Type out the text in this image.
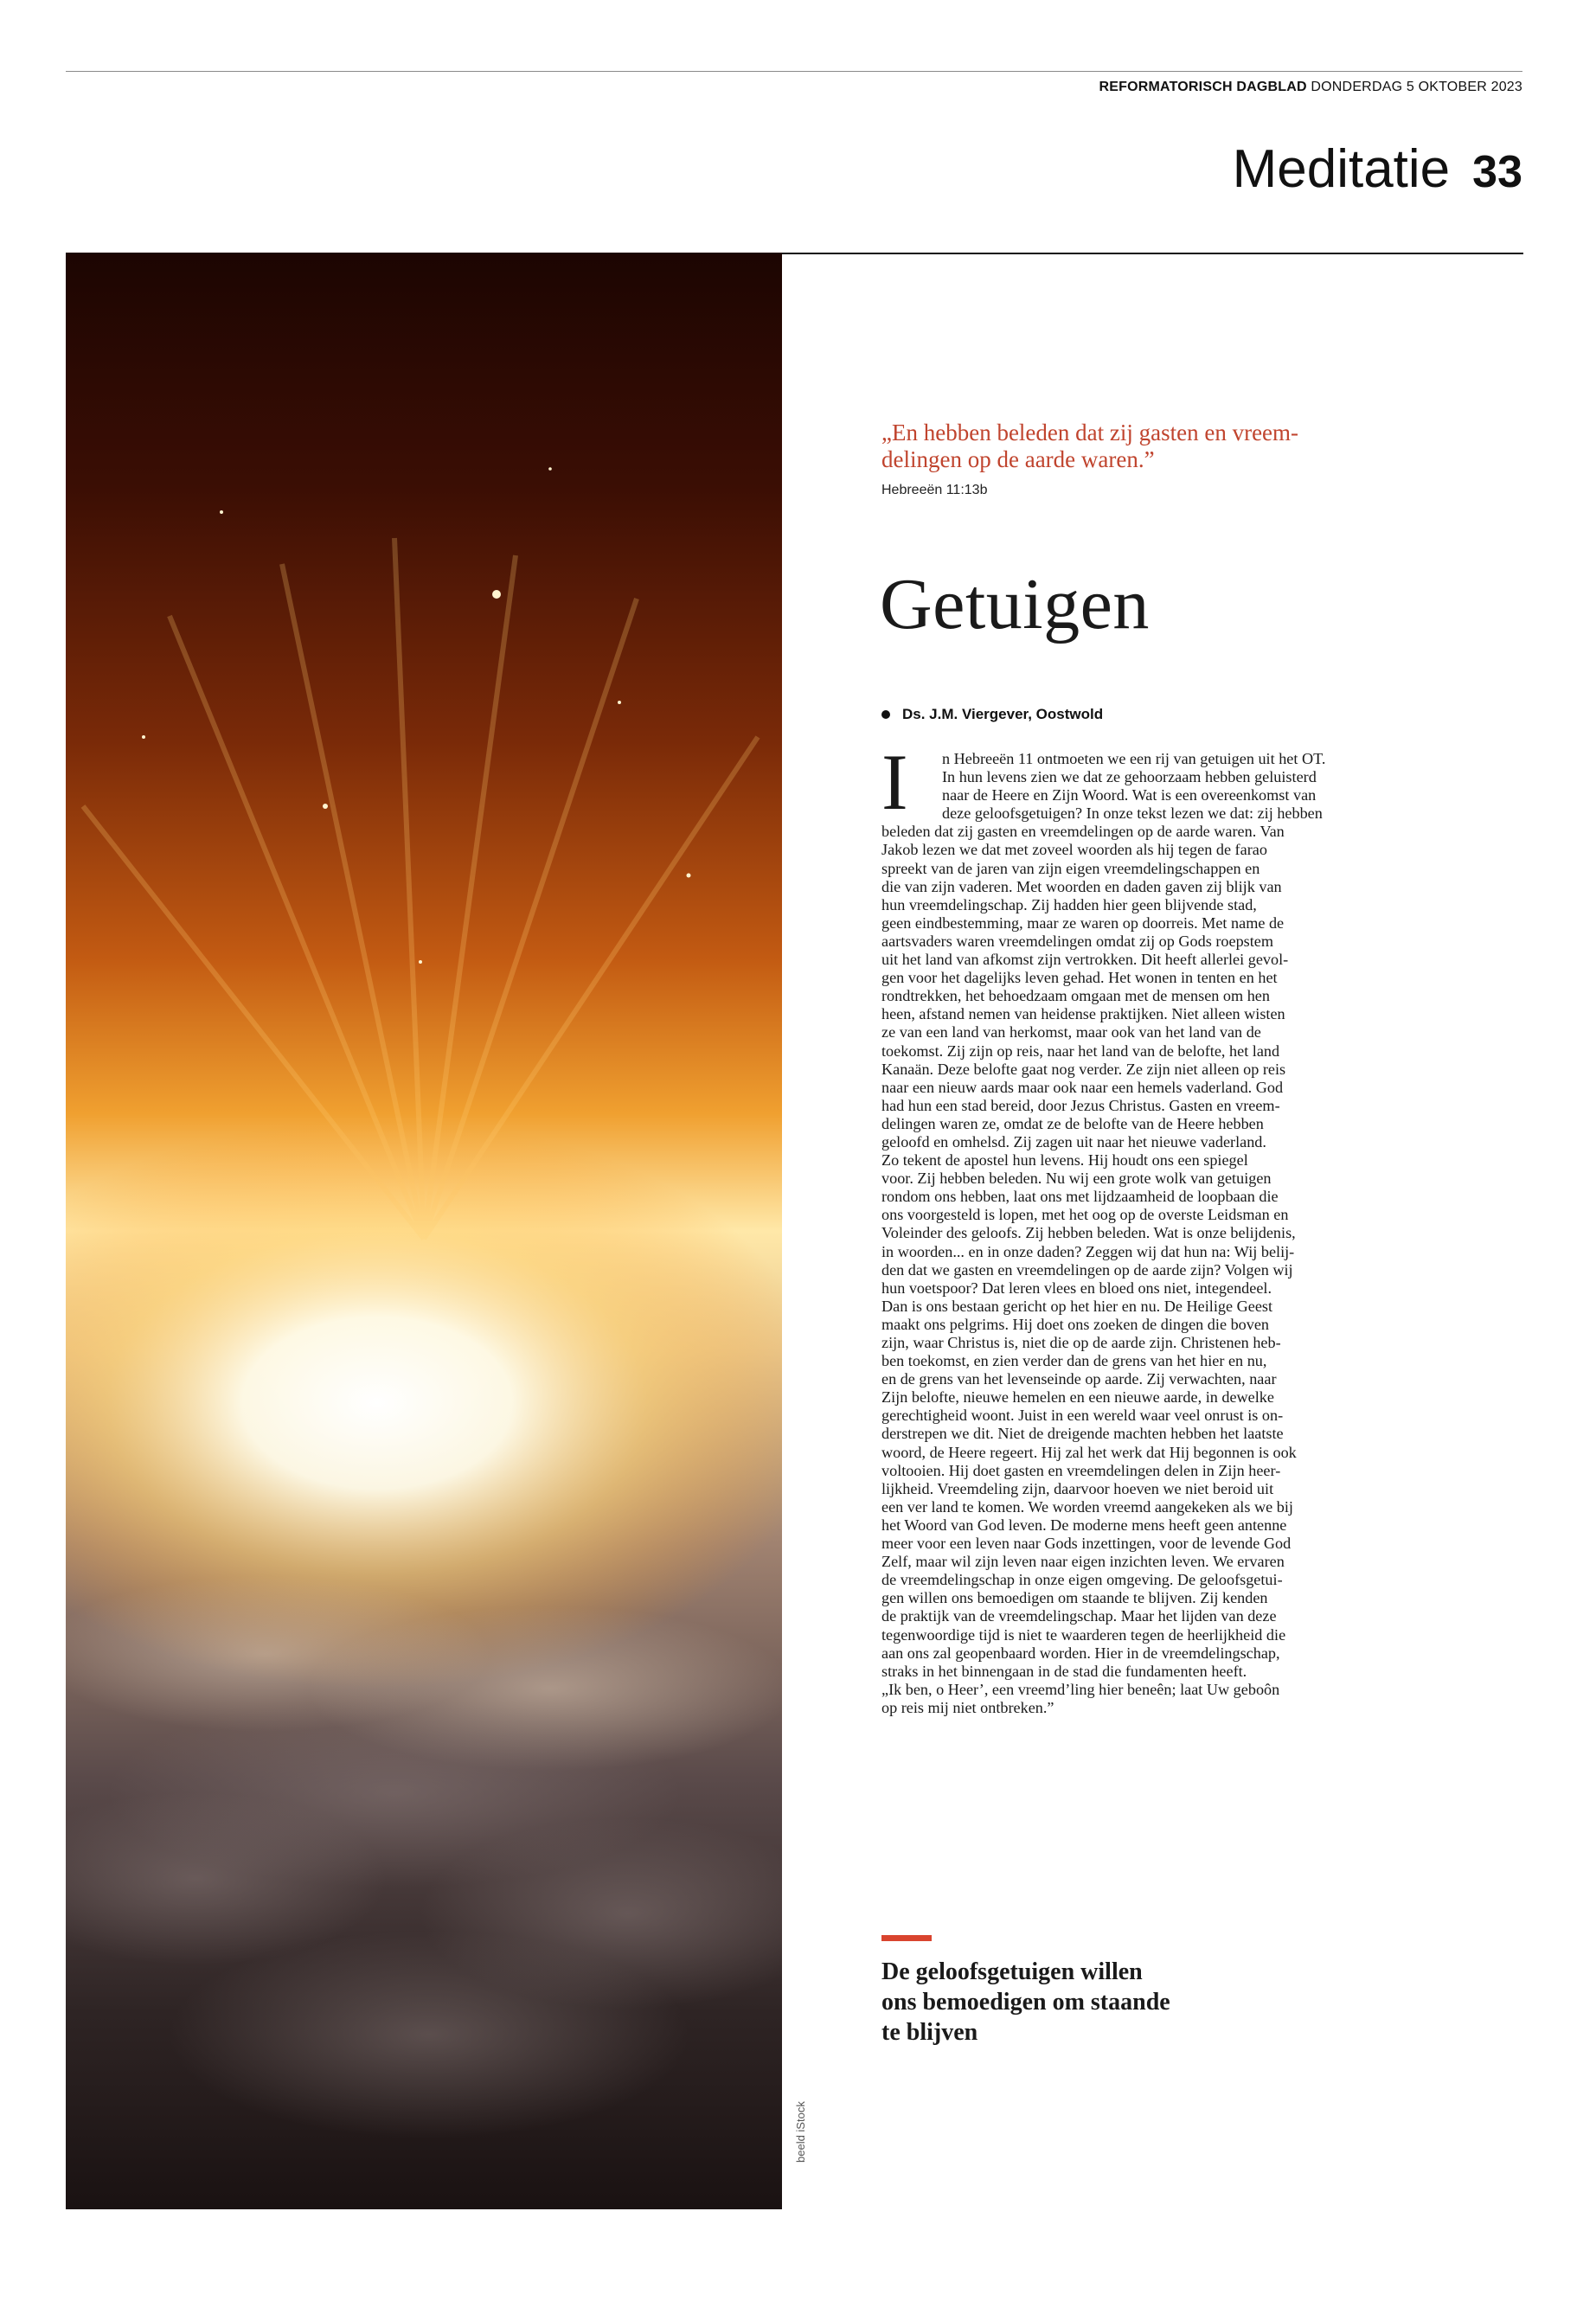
REFORMATORISCH DAGBLAD DONDERDAG 5 OKTOBER 2023
Meditatie 33
beeld iStock
„En hebben beleden dat zij gasten en vreem-
delingen op de aarde waren.”
Hebreeën 11:13b
Getuigen
Ds. J.M. Viergever, Oostwold
I	n Hebreeën 11 ontmoeten we een rij van getuigen uit het OT.

In hun levens zien we dat ze gehoorzaam hebben geluisterd

naar de Heere en Zijn Woord. Wat is een overeenkomst van

deze geloofsgetuigen? In onze tekst lezen we dat: zij hebben

beleden dat zij gasten en vreemdelingen op de aarde waren. Van

Jakob lezen we dat met zoveel woorden als hij tegen de farao

spreekt van de jaren van zijn eigen vreemdelingschappen en

die van zijn vaderen. Met woorden en daden gaven zij blijk van

hun vreemdelingschap. Zij hadden hier geen blijvende stad,

geen eindbestemming, maar ze waren op doorreis. Met name de

aartsvaders waren vreemdelingen omdat zij op Gods roepstem

uit het land van afkomst zijn vertrokken. Dit heeft allerlei gevol-

gen voor het dagelijks leven gehad. Het wonen in tenten en het

rondtrekken, het behoedzaam omgaan met de mensen om hen

heen, afstand nemen van heidense praktijken. Niet alleen wisten

ze van een land van herkomst, maar ook van het land van de

toekomst. Zij zijn op reis, naar het land van de belofte, het land

Kanaän. Deze belofte gaat nog verder. Ze zijn niet alleen op reis

naar een nieuw aards maar ook naar een hemels vaderland. God

had hun een stad bereid, door Jezus Christus. Gasten en vreem-

delingen waren ze, omdat ze de belofte van de Heere hebben

geloofd en omhelsd. Zij zagen uit naar het nieuwe vaderland.

Zo tekent de apostel hun levens. Hij houdt ons een spiegel

voor. Zij hebben beleden. Nu wij een grote wolk van getuigen

rondom ons hebben, laat ons met lijdzaamheid de loopbaan die

ons voorgesteld is lopen, met het oog op de overste Leidsman en

Voleinder des geloofs. Zij hebben beleden. Wat is onze belijdenis,

in woorden... en in onze daden? Zeggen wij dat hun na: Wij belij-

den dat we gasten en vreemdelingen op de aarde zijn? Volgen wij

hun voetspoor? Dat leren vlees en bloed ons niet, integendeel.

Dan is ons bestaan gericht op het hier en nu. De Heilige Geest

maakt ons pelgrims. Hij doet ons zoeken de dingen die boven

zijn, waar Christus is, niet die op de aarde zijn. Christenen heb-

ben toekomst, en zien verder dan de grens van het hier en nu,

en de grens van het levenseinde op aarde. Zij verwachten, naar

Zijn belofte, nieuwe hemelen en een nieuwe aarde, in dewelke

gerechtigheid woont. Juist in een wereld waar veel onrust is on-

derstrepen we dit. Niet de dreigende machten hebben het laatste

woord, de Heere regeert. Hij zal het werk dat Hij begonnen is ook

voltooien. Hij doet gasten en vreemdelingen delen in Zijn heer-

lijkheid. Vreemdeling zijn, daarvoor hoeven we niet beroid uit

een ver land te komen. We worden vreemd aangekeken als we bij

het Woord van God leven. De moderne mens heeft geen antenne

meer voor een leven naar Gods inzettingen, voor de levende God

Zelf, maar wil zijn leven naar eigen inzichten leven. We ervaren

de vreemdelingschap in onze eigen omgeving. De geloofsgetui-

gen willen ons bemoedigen om staande te blijven. Zij kenden

de praktijk van de vreemdelingschap. Maar het lijden van deze

tegenwoordige tijd is niet te waarderen tegen de heerlijkheid die

aan ons zal geopenbaard worden. Hier in de vreemdelingschap,

straks in het binnengaan in de stad die fundamenten heeft.

„Ik ben, o Heer’, een vreemd’ling hier beneên; laat Uw geboôn

op reis mij niet ontbreken.”

De geloofsgetuigen willen
ons bemoedigen om staande
te blijven
